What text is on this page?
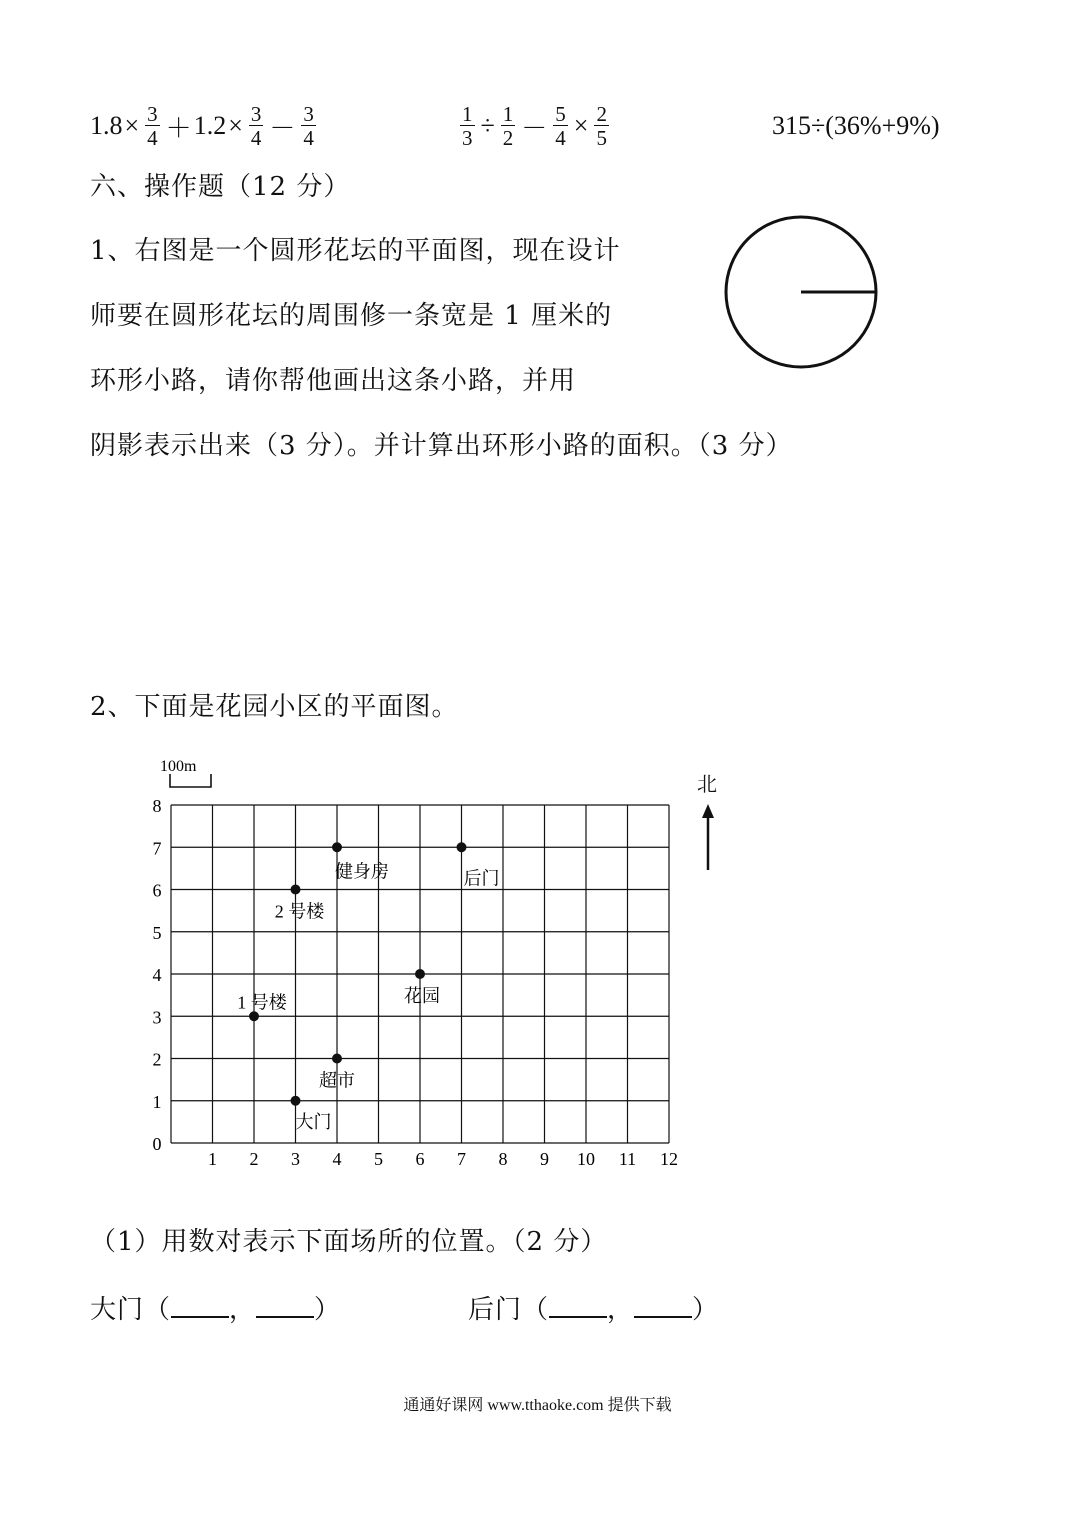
$1.8 \times \frac{3}{4} + 1.2 \times \frac{3}{4} - \frac{3}{4}$	$\frac{1}{3} \div \frac{1}{2} - \frac{5}{4} \times \frac{2}{5}$	315÷(36%+9%)
六、操作题（12 分）
1、右图是一个圆形花坛的平面图，现在设计
师要在圆形花坛的周围修一条宽是 1 厘米的
环形小路，请你帮他画出这条小路，并用
阴影表示出来（3 分）。并计算出环形小路的面积。（3 分）
2、下面是花园小区的平面图。
1 2 3 4 5 6 7 8 9 10 11 12
0
1
2
3
4
5
6
7
8
大门
超市
1 号楼	花园
2 号楼
健身房	后门
100m
北
（1）用数对表示下面场所的位置。（2 分）
大门（ ， ）	后门（ ， ）
通通好课网 www.tthaoke.com 提供下载
